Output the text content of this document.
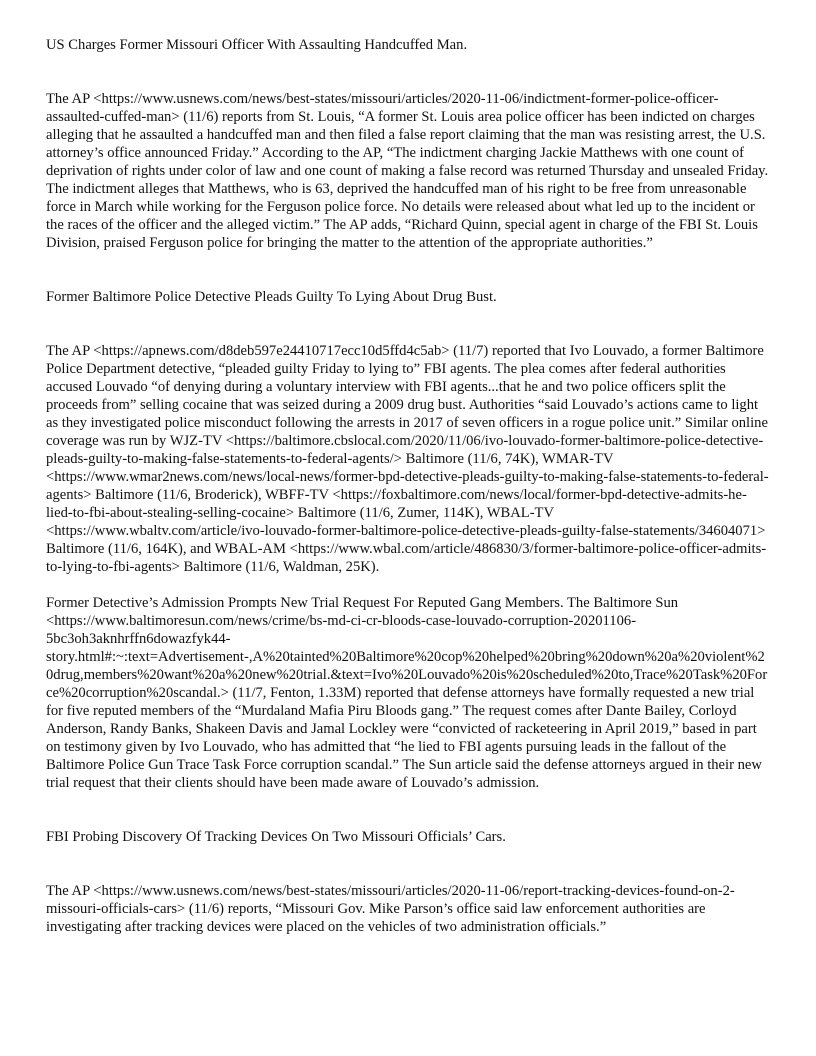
US Charges Former Missouri Officer With Assaulting Handcuffed Man.

The AP <https://www.usnews.com/news/best-states/missouri/articles/2020-11-06/indictment-former-police-officer-assaulted-cuffed-man> (11/6) reports from St. Louis, “A former St. Louis area police officer has been indicted on charges alleging that he assaulted a handcuffed man and then filed a false report claiming that the man was resisting arrest, the U.S. attorney’s office announced Friday.” According to the AP, “The indictment charging Jackie Matthews with one count of deprivation of rights under color of law and one count of making a false record was returned Thursday and unsealed Friday. The indictment alleges that Matthews, who is 63, deprived the handcuffed man of his right to be free from unreasonable force in March while working for the Ferguson police force. No details were released about what led up to the incident or the races of the officer and the alleged victim.” The AP adds, “Richard Quinn, special agent in charge of the FBI St. Louis Division, praised Ferguson police for bringing the matter to the attention of the appropriate authorities.”

Former Baltimore Police Detective Pleads Guilty To Lying About Drug Bust.

The AP <https://apnews.com/d8deb597e24410717ecc10d5ffd4c5ab> (11/7) reported that Ivo Louvado, a former Baltimore Police Department detective, “pleaded guilty Friday to lying to” FBI agents. The plea comes after federal authorities accused Louvado “of denying during a voluntary interview with FBI agents...that he and two police officers split the proceeds from” selling cocaine that was seized during a 2009 drug bust. Authorities “said Louvado’s actions came to light as they investigated police misconduct following the arrests in 2017 of seven officers in a rogue police unit.” Similar online coverage was run by WJZ-TV <https://baltimore.cbslocal.com/2020/11/06/ivo-louvado-former-baltimore-police-detective-pleads-guilty-to-making-false-statements-to-federal-agents/> Baltimore (11/6, 74K), WMAR-TV <https://www.wmar2news.com/news/local-news/former-bpd-detective-pleads-guilty-to-making-false-statements-to-federal-agents> Baltimore (11/6, Broderick), WBFF-TV <https://foxbaltimore.com/news/local/former-bpd-detective-admits-he-lied-to-fbi-about-stealing-selling-cocaine> Baltimore (11/6, Zumer, 114K), WBAL-TV <https://www.wbaltv.com/article/ivo-louvado-former-baltimore-police-detective-pleads-guilty-false-statements/34604071> Baltimore (11/6, 164K), and WBAL-AM <https://www.wbal.com/article/486830/3/former-baltimore-police-officer-admits-to-lying-to-fbi-agents> Baltimore (11/6, Waldman, 25K).

Former Detective’s Admission Prompts New Trial Request For Reputed Gang Members. The Baltimore Sun <https://www.baltimoresun.com/news/crime/bs-md-ci-cr-bloods-case-louvado-corruption-20201106-5bc3oh3aknhrffn6dowazfyk44-story.html#:~:text=Advertisement-,A%20tainted%20Baltimore%20cop%20helped%20bring%20down%20a%20violent%20drug,members%20want%20a%20new%20trial.&text=Ivo%20Louvado%20is%20scheduled%20to,Trace%20Task%20Force%20corruption%20scandal.> (11/7, Fenton, 1.33M) reported that defense attorneys have formally requested a new trial for five reputed members of the “Murdaland Mafia Piru Bloods gang.” The request comes after Dante Bailey, Corloyd Anderson, Randy Banks, Shakeen Davis and Jamal Lockley were “convicted of racketeering in April 2019,” based in part on testimony given by Ivo Louvado, who has admitted that “he lied to FBI agents pursuing leads in the fallout of the Baltimore Police Gun Trace Task Force corruption scandal.” The Sun article said the defense attorneys argued in their new trial request that their clients should have been made aware of Louvado’s admission.

FBI Probing Discovery Of Tracking Devices On Two Missouri Officials’ Cars.

The AP <https://www.usnews.com/news/best-states/missouri/articles/2020-11-06/report-tracking-devices-found-on-2-missouri-officials-cars> (11/6) reports, “Missouri Gov. Mike Parson’s office said law enforcement authorities are investigating after tracking devices were placed on the vehicles of two administration officials.”
